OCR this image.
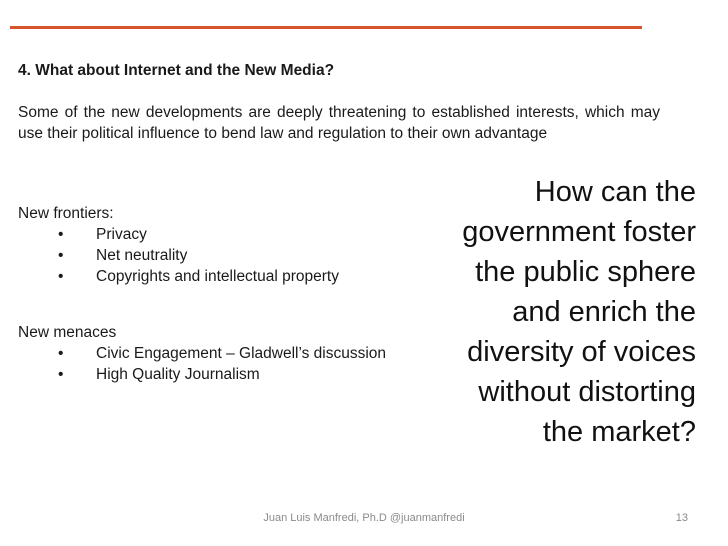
4. What about Internet and the New Media?

Some of the new developments are deeply threatening to established interests, which may use their political influence to bend law and regulation to their own advantage

New frontiers:

• Privacy
• Net neutrality
• Copyrights and intellectual property

New menaces

• Civic Engagement – Gladwell’s discussion
• High Quality Journalism
How can the
government foster
the public sphere
and enrich the
diversity of voices
without distorting
the market?
Juan Luis Manfredi, Ph.D @juanmanfredi	13
